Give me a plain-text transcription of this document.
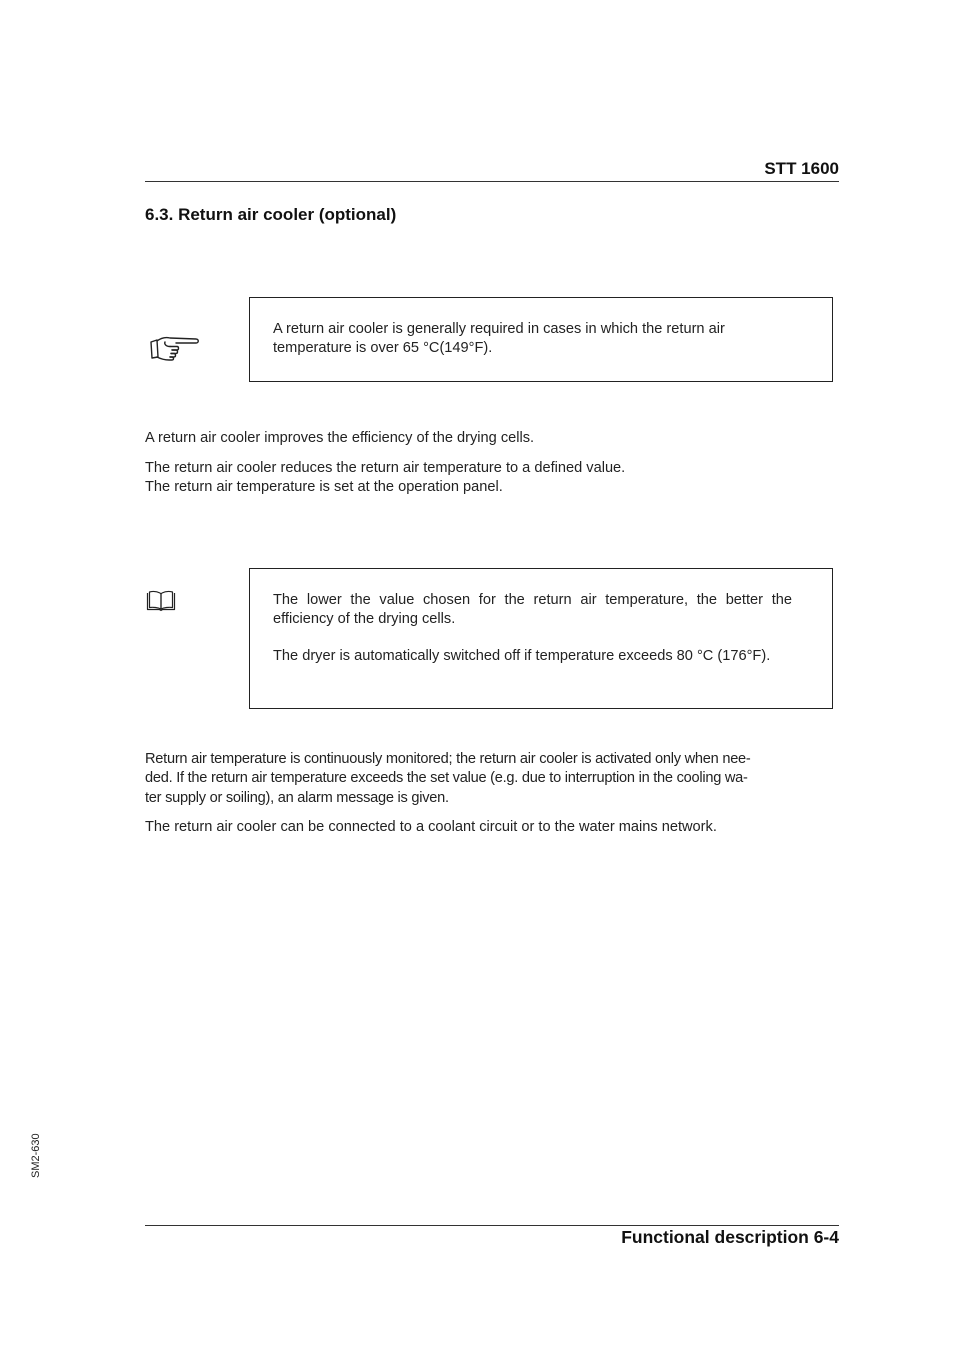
STT 1600
6.3. Return air cooler (optional)

A return air cooler is generally required in cases in which the return air temperature is over 65 °C(149°F).

A return air cooler improves the efficiency of the drying cells.

The return air cooler reduces the return air temperature to a defined value.
The return air temperature is set at the operation panel.

The lower the value chosen for the return air temperature, the better the efficiency of the drying cells.

The dryer is automatically switched off if temperature exceeds 80 °C (176°F).

Return air temperature is continuously monitored; the return air cooler is activated only when nee-
ded. If the return air temperature exceeds the set value (e.g. due to interruption in the cooling wa-
ter supply or soiling), an alarm message is given.

The return air cooler can be connected to a coolant circuit or to the water mains network.

SM2-630
Functional description 6-4
